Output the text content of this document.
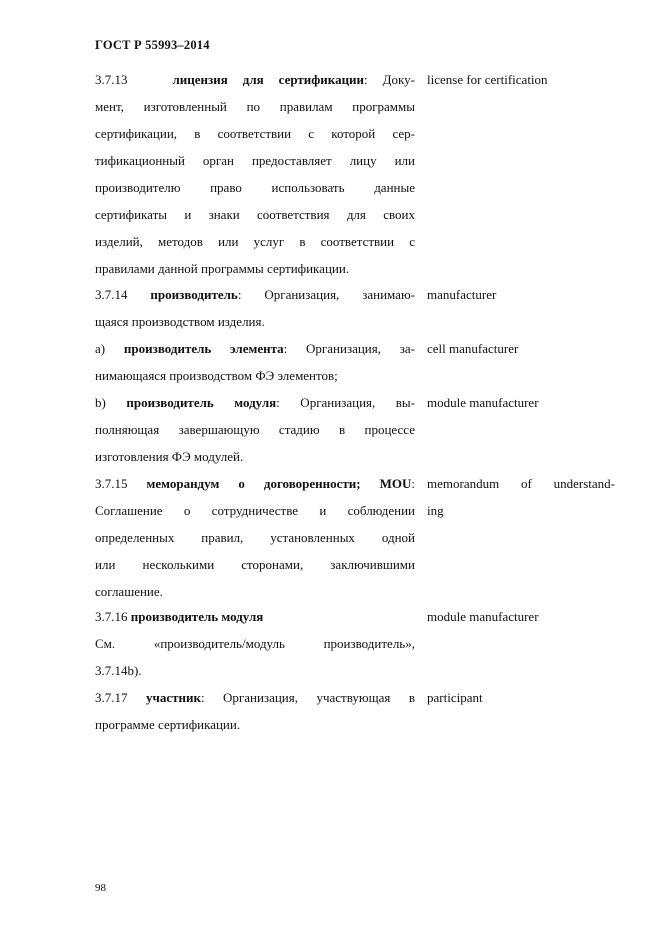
ГОСТ Р 55993–2014
3.7.13	лицензия для сертификации: Доку-
мент, изготовленный по правилам программы
сертификации, в соответствии с которой сер-
тификационный орган предоставляет лицу или
производителю право использовать данные
сертификаты и знаки соответствия для своих
изделий, методов или услуг в соответствии с
правилами данной программы сертификации.
license for certification
3.7.14 производитель: Организация, занимаю-
щаяся производством изделия.
manufacturer
a) производитель элемента: Организация, за-
нимающаяся производством ФЭ элементов;
cell manufacturer
b) производитель модуля: Организация, вы-
полняющая завершающую стадию в процессе
изготовления ФЭ модулей.
module manufacturer
3.7.15 меморандум о договоренности; MOU:
Соглашение о сотрудничестве и соблюдении
определенных правил, установленных одной
или несколькими сторонами, заключившими
соглашение.
memorandum of understand-
ing
3.7.16 производитель модуля
См. «производитель/модуль производитель»,
3.7.14b).
module manufacturer
3.7.17 участник: Организация, участвующая в
программе сертификации.
participant
98
